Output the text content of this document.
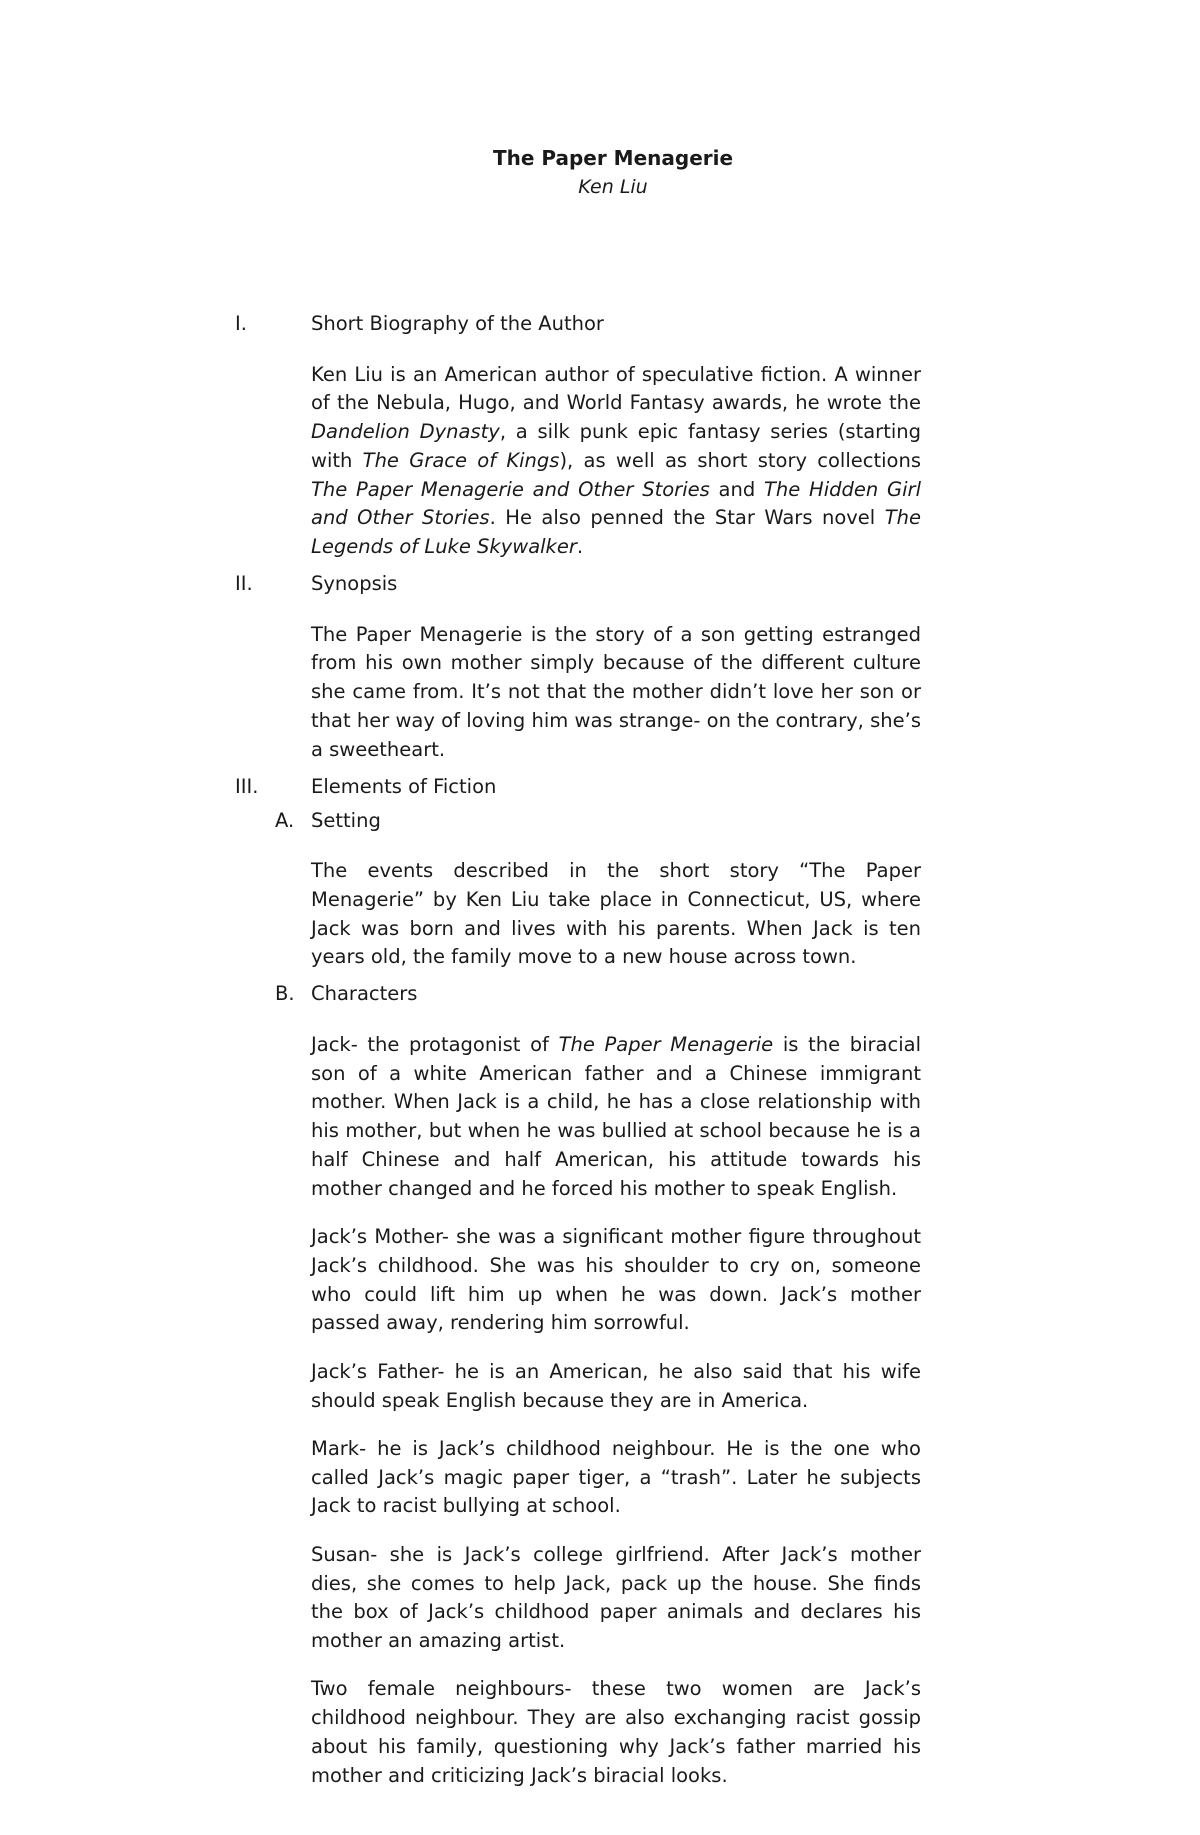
The Paper Menagerie
Ken Liu
I.	Short Biography of the Author

Ken Liu is an American author of speculative fiction. A winner of the Nebula, Hugo, and World Fantasy awards, he wrote the Dandelion Dynasty, a silk punk epic fantasy series (starting with The Grace of Kings), as well as short story collections The Paper Menagerie and Other Stories and The Hidden Girl and Other Stories. He also penned the Star Wars novel The Legends of Luke Skywalker.

II.	Synopsis

The Paper Menagerie is the story of a son getting estranged from his own mother simply because of the different culture she came from. It’s not that the mother didn’t love her son or that her way of loving him was strange- on the contrary, she’s a sweetheart.

III.	Elements of Fiction
A. Setting

The events described in the short story “The Paper Menagerie” by Ken Liu take place in Connecticut, US, where Jack was born and lives with his parents. When Jack is ten years old, the family move to a new house across town.

B. Characters

Jack- the protagonist of The Paper Menagerie is the biracial son of a white American father and a Chinese immigrant mother. When Jack is a child, he has a close relationship with his mother, but when he was bullied at school because he is a half Chinese and half American, his attitude towards his mother changed and he forced his mother to speak English.

Jack’s Mother- she was a significant mother figure throughout Jack’s childhood. She was his shoulder to cry on, someone who could lift him up when he was down. Jack’s mother passed away, rendering him sorrowful.

Jack’s Father- he is an American, he also said that his wife should speak English because they are in America.

Mark- he is Jack’s childhood neighbour. He is the one who called Jack’s magic paper tiger, a “trash”. Later he subjects Jack to racist bullying at school.

Susan- she is Jack’s college girlfriend. After Jack’s mother dies, she comes to help Jack, pack up the house. She finds the box of Jack’s childhood paper animals and declares his mother an amazing artist.

Two female neighbours- these two women are Jack’s childhood neighbour. They are also exchanging racist gossip about his family, questioning why Jack’s father married his mother and criticizing Jack’s biracial looks.
